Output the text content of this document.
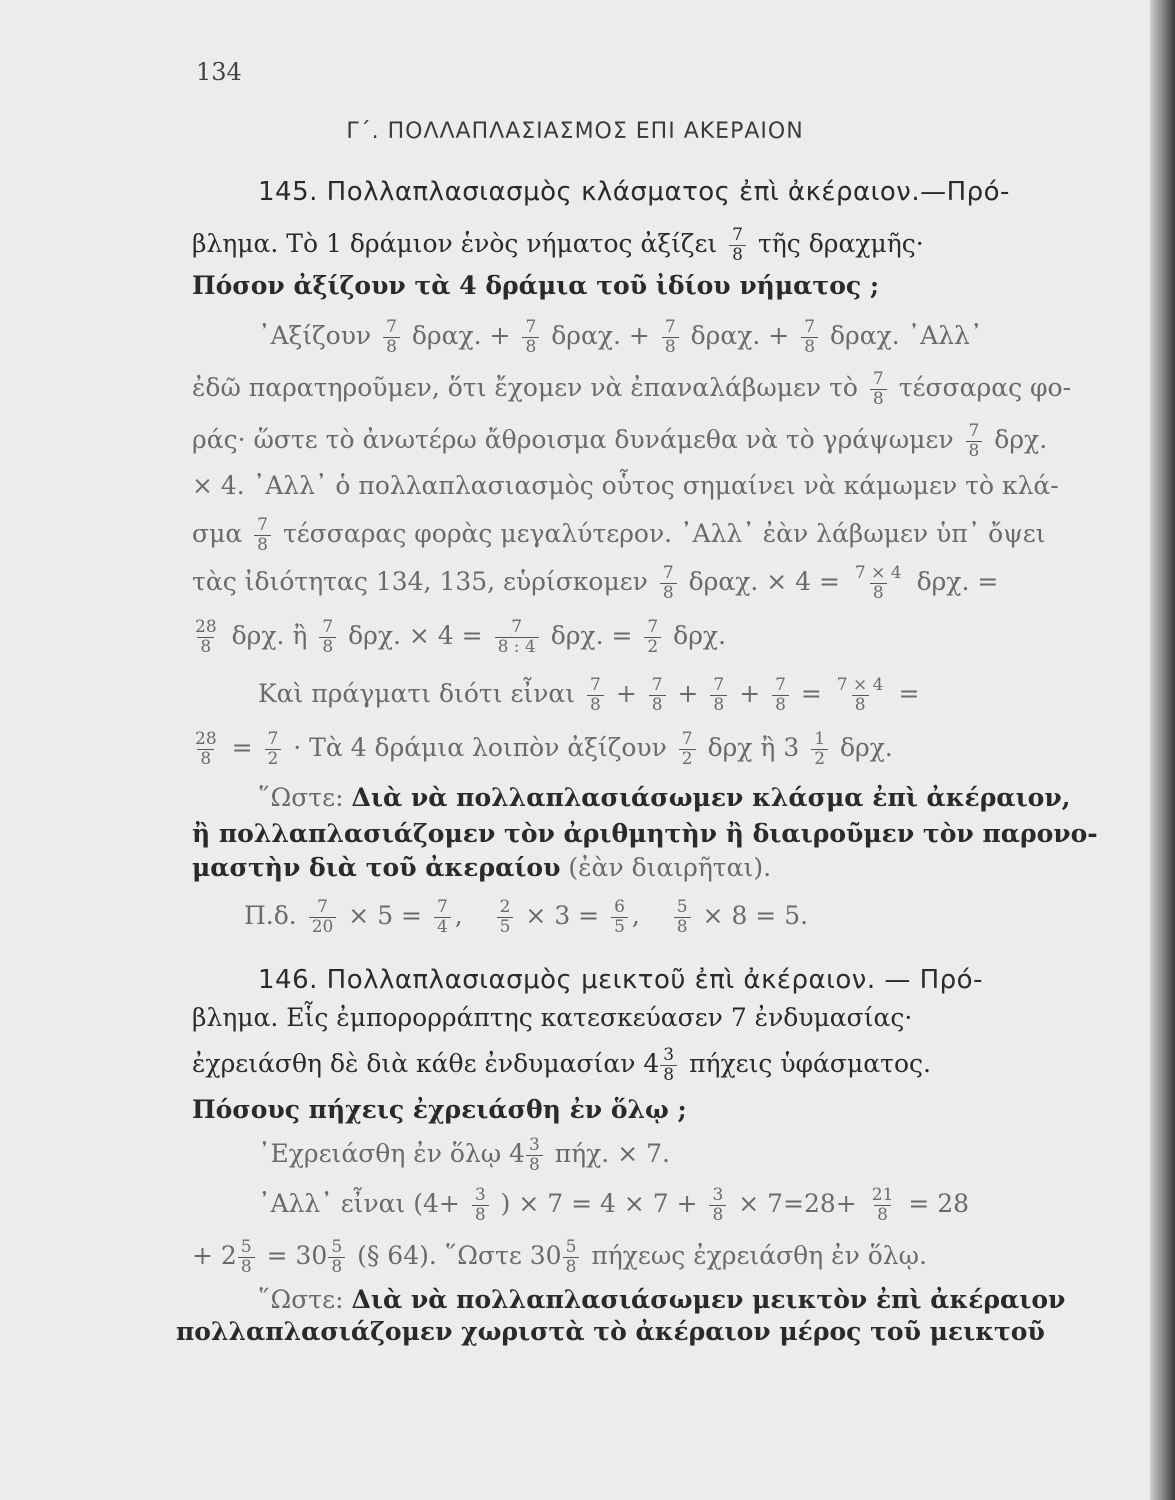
134
Γ΄. ΠΟΛΛΑΠΛΑΣΙΑΣΜΟΣ ΕΠΙ ΑΚΕΡΑΙΟΝ
145. Πολλαπλασιασμὸς κλάσματος ἐπὶ ἀκέραιον.—Πρό-
βλημα. Τὸ 1 δράμιον ἑνὸς νήματος ἀξίζει $\frac{7}{8}$ τῆς δραχμῆς·
Πόσον ἀξίζουν τὰ 4 δράμια τοῦ ἰδίου νήματος ;
᾿Αξίζουν $\frac{7}{8} \delta\rho\alpha\chi$. + $\frac{7}{8} \delta\rho\alpha\chi$. + $\frac{7}{8} \delta\rho\alpha\chi$. + $\frac{7}{8} \delta\rho\alpha\chi$. ᾿Αλλ᾿
ἐδῶ παρατηροῦμεν, ὅτι ἔχομεν νὰ ἐπαναλάβωμεν τὸ $\frac{7}{8}$ τέσσαρας φο-
ράς· ὥστε τὸ ἀνωτέρω ἄθροισμα δυνάμεθα νὰ τὸ γράψωμεν $\frac{7}{8} \delta\rho\chi$.
× 4. ᾿Αλλ᾿ ὁ πολλαπλασιασμὸς οὗτος σημαίνει νὰ κάμωμεν τὸ κλά-
σμα $\frac{7}{8}$ τέσσαρας φορὰς μεγαλύτερον. ᾿Αλλ᾿ ἐὰν λάβωμεν ὑπ᾿ ὄψει
τὰς ἰδιότητας 134, 135, εὑρίσκομεν $\frac{7}{8} \delta\rho\alpha\chi$. × $4 = \frac{7 \times 4}{8} \delta\rho\chi$. =
$\frac{28}{8} \delta\rho\chi$. ἢ $\frac{7}{8} \delta\rho\chi$. × $4 = \frac{7}{8 : 4} \delta\rho\chi$. = $\frac{7}{2} \delta\rho\chi$.
Καὶ πράγματι διότι εἶναι $\frac{7}{8} + \frac{7}{8} + \frac{7}{8} + \frac{7}{8} = \frac{7 \times 4}{8}$ =
$\frac{28}{8} = \frac{7}{2}$ · Τὰ 4 δράμια λοιπὸν ἀξίζουν $\frac{7}{2}$ δρχ ἢ $3 \frac{1}{2} \delta\rho\chi$.
῞Ωστε: Διὰ νὰ πολλαπλασιάσωμεν κλάσμα ἐπὶ ἀκέραιον,
ἢ πολλαπλασιάζομεν τὸν ἀριθμητὴν ἢ διαιροῦμεν τὸν παρονο-
μαστὴν διὰ τοῦ ἀκεραίου (ἐὰν διαιρῆται).
Π.δ. $\frac{7}{20} \times 5 = \frac{7}{4}$ , $\frac{2}{5} \times 3 = \frac{6}{5}$ , $\frac{5}{8} \times 8 = 5$.
146. Πολλαπλασιασμὸς μεικτοῦ ἐπὶ ἀκέραιον. — Πρό-
βλημα. Εἷς ἐμπορορράπτης κατεσκεύασεν 7 ἐνδυμασίας·
ἐχρειάσθη δὲ διὰ κάθε ἐνδυμασίαν $4 \frac{3}{8}$ πήχεις ὑφάσματος.
Πόσους πήχεις ἐχρειάσθη ἐν ὅλῳ ;
᾿Εχρειάσθη ἐν ὅλῳ $4 \frac{3}{8} \pi ή\chi$. × 7.
᾿Αλλ᾿ εἶναι ($4+ \frac{3}{8}$ ) × $7 = 4 \times 7 + \frac{3}{8} \times 7=28+ \frac{21}{8} = 28$
+ $2 \frac{5}{8} = 30 \frac{5}{8}$ (§ 64). ῞Ωστε $30 \frac{5}{8}$ πήχεως ἐχρειάσθη ἐν ὅλῳ.
῞Ωστε: Διὰ νὰ πολλαπλασιάσωμεν μεικτὸν ἐπὶ ἀκέραιον
πολλαπλασιάζομεν χωριστὰ τὸ ἀκέραιον μέρος τοῦ μεικτοῦ
